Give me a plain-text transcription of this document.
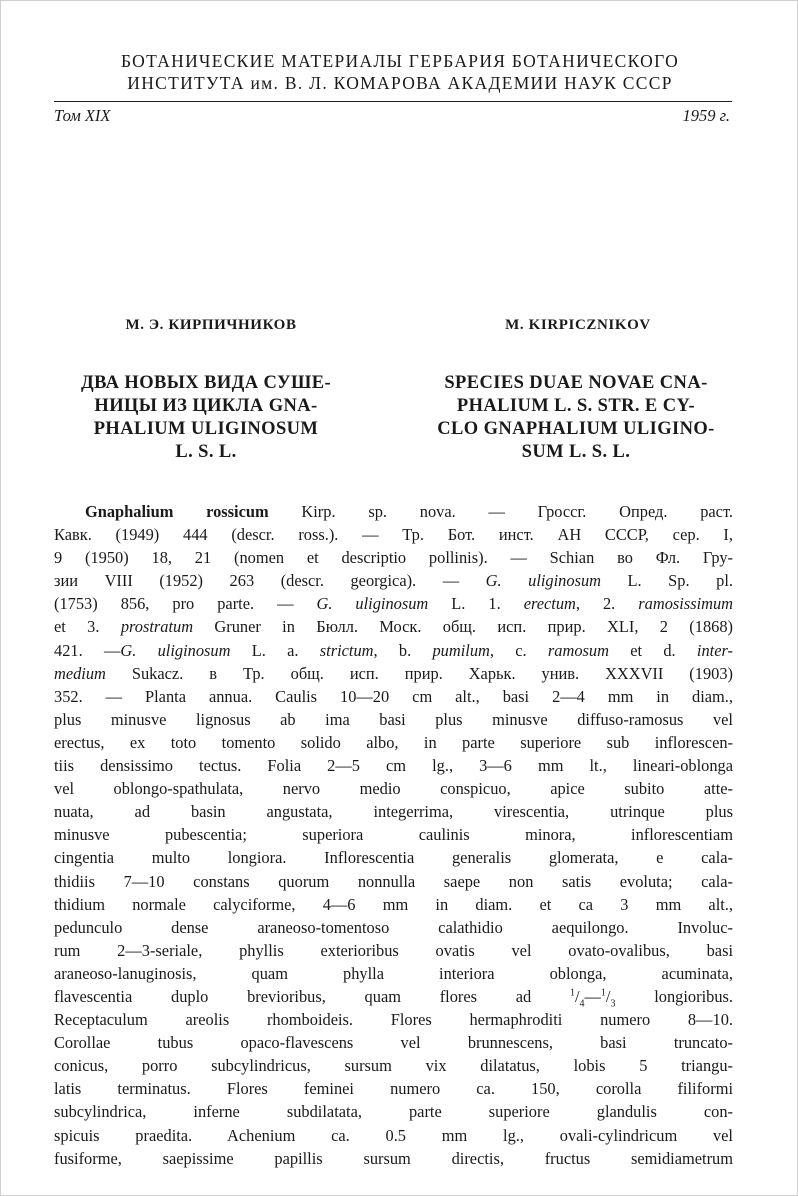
БОТАНИЧЕСКИЕ МАТЕРИАЛЫ ГЕРБАРИЯ БОТАНИЧЕСКОГО
ИНСТИТУТА им. В. Л. КОМАРОВА АКАДЕМИИ НАУК СССР
Том XIX	1959 г.
М. Э. КИРПИЧНИКОВ	M. KIRPICZNIKOV
ДВА НОВЫХ ВИДА СУШЕ-
НИЦЫ ИЗ ЦИКЛА GNA-
PHALIUM ULIGINOSUM
L. S. L.
SPECIES DUAE NOVAE CNA-
PHALIUM L. S. STR. E CY-
CLO GNAPHALIUM ULIGINO-
SUM L. S. L.
Gnaphalium rossicum Kirp. sp. nova. — Гроссг. Опред. раст.
Кавк. (1949) 444 (descr. ross.). — Тр. Бот. инст. АН СССР, сер. I,
9 (1950) 18, 21 (nomen et descriptio pollinis). — Schian во Фл. Гру-
зии VIII (1952) 263 (descr. georgica). — G. uliginosum L. Sp. pl.
(1753) 856, pro parte. — G. uliginosum L. 1. erectum, 2. ramosissimum
et 3. prostratum Gruner in Бюлл. Моск. общ. исп. прир. XLI, 2 (1868)
421. —G. uliginosum L. a. strictum, b. pumilum, c. ramosum et d. inter-
medium Sukacz. в Тр. общ. исп. прир. Харьк. унив. XXXVII (1903)
352. — Planta annua. Caulis 10—20 cm alt., basi 2—4 mm in diam.,
plus minusve lignosus ab ima basi plus minusve diffuso-ramosus vel
erectus, ex toto tomento solido albo, in parte superiore sub inflorescen-
tiis densissimo tectus. Folia 2—5 cm lg., 3—6 mm lt., lineari-oblonga
vel oblongo-spathulata, nervo medio conspicuo, apice subito atte-
nuata, ad basin angustata, integerrima, virescentia, utrinque plus
minusve pubescentia; superiora caulinis minora, inflorescentiam
cingentia multo longiora. Inflorescentia generalis glomerata, e cala-
thidiis 7—10 constans quorum nonnulla saepe non satis evoluta; cala-
thidium normale calyciforme, 4—6 mm in diam. et ca 3 mm alt.,
pedunculo dense araneoso-tomentoso calathidio aequilongo. Involuc-
rum 2—3-seriale, phyllis exterioribus ovatis vel ovato-ovalibus, basi
araneoso-lanuginosis, quam phylla interiora oblonga, acuminata,
flavescentia duplo brevioribus, quam flores ad $^1/_4—^1/_3$ longioribus.
Receptaculum areolis rhomboideis. Flores hermaphroditi numero 8—10.
Corollae tubus opaco-flavescens vel brunnescens, basi truncato-
conicus, porro subcylindricus, sursum vix dilatatus, lobis 5 triangu-
latis terminatus. Flores feminei numero ca. 150, corolla filiformi
subcylindrica, inferne subdilatata, parte superiore glandulis con-
spicuis praedita. Achenium ca. 0.5 mm lg., ovali-cylindricum vel
fusiforme, saepissime papillis sursum directis, fructus semidiametrum
